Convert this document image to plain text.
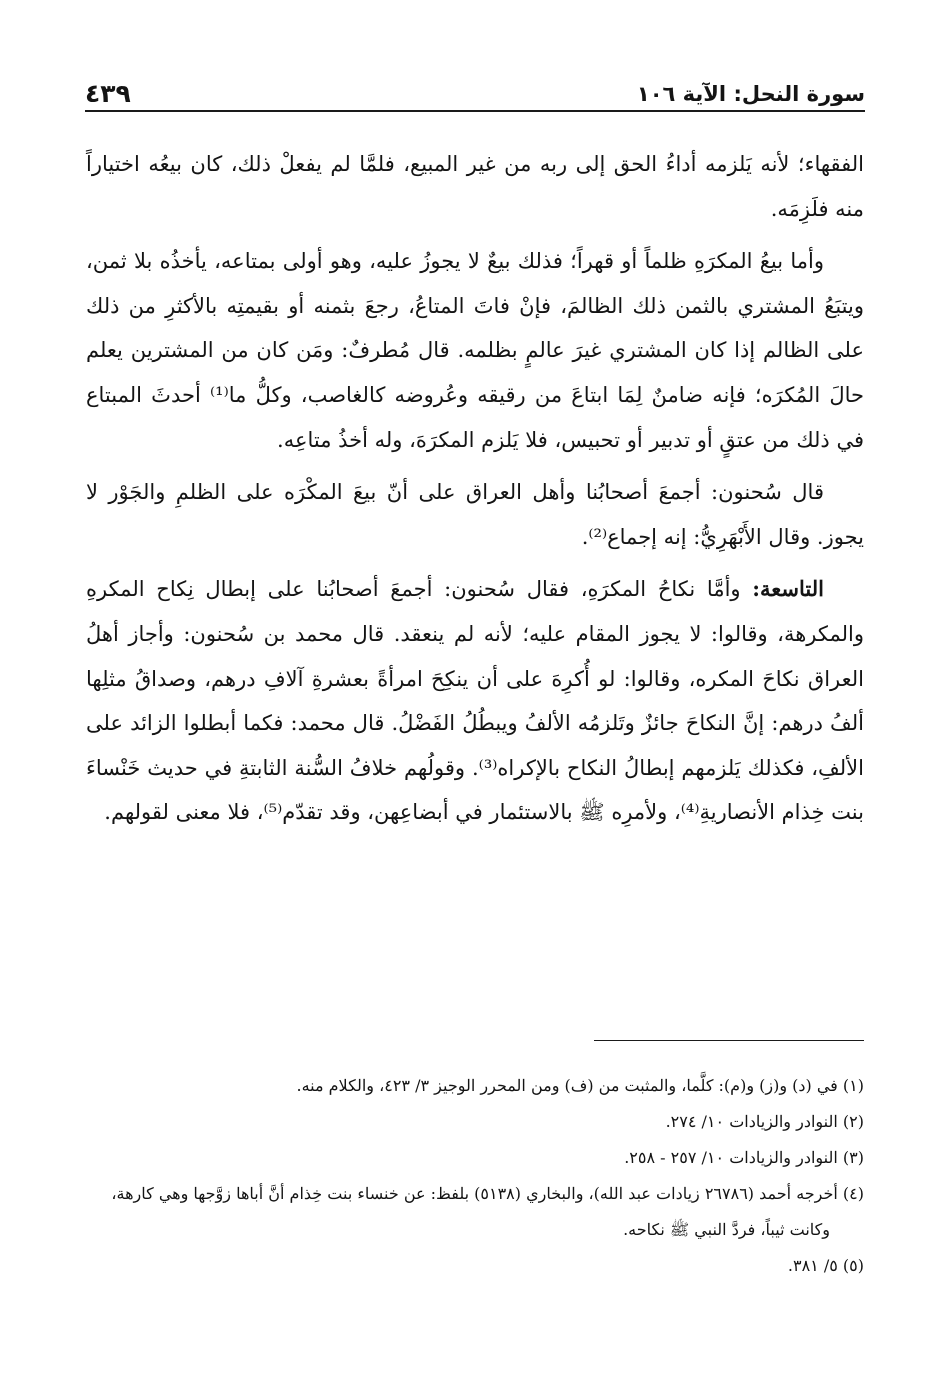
سورة النحل: الآية ١٠٦
٤٣٩

الفقهاء؛ لأنه يَلزمه أداءُ الحق إلى ربه من غير المبيع، فلمَّا لم يفعلْ ذلك، كان بيعُه اختياراً منه فلَزِمَه.

وأما بيعُ المكرَهِ ظلماً أو قهراً؛ فذلك بيعٌ لا يجوزُ عليه، وهو أولى بمتاعه، يأخذُه بلا ثمن، ويتبَعُ المشتري بالثمن ذلك الظالمَ، فإنْ فاتَ المتاعُ، رجعَ بثمنه أو بقيمتِه بالأكثرِ من ذلك على الظالم إذا كان المشتري غيرَ عالمٍ بظلمه. قال مُطرفٌ: ومَن كان من المشترين يعلم حالَ المُكرَه؛ فإنه ضامنٌ لِمَا ابتاعَ من رقيقه وعُروضه كالغاصب، وكلُّ ما⁽¹⁾ أحدثَ المبتاع في ذلك من عتقٍ أو تدبير أو تحبيس، فلا يَلزم المكرَهَ، وله أخذُ متاعِه.

قال سُحنون: أجمعَ أصحابُنا وأهل العراق على أنّ بيعَ المكْرَه على الظلمِ والجَوْر لا يجوز. وقال الأَبْهَرِيُّ: إنه إجماع⁽²⁾.

التاسعة: وأمَّا نكاحُ المكرَهِ، فقال سُحنون: أجمعَ أصحابُنا على إبطال نِكاح المكرهِ والمكرهة، وقالوا: لا يجوز المقام عليه؛ لأنه لم ينعقد. قال محمد بن سُحنون: وأجاز أهلُ العراق نكاحَ المكره، وقالوا: لو أُكرِهَ على أن ينكِحَ امرأةً بعشرةِ آلافِ درهم، وصداقُ مثلِها ألفُ درهم: إنَّ النكاحَ جائزٌ وتَلزمُه الألفُ ويبطُلُ الفَضْلُ. قال محمد: فكما أبطلوا الزائد على الألفِ، فكذلك يَلزمهم إبطالُ النكاح بالإكراه⁽³⁾. وقولُهم خلافُ السُّنة الثابتةِ في حديث خَنْساءَ بنت خِذام الأنصاريةِ⁽⁴⁾، ولأمرِه ﷺ بالاستئمار في أبضاعِهن، وقد تقدّم⁽⁵⁾، فلا معنى لقولهم.

(١) في (د) و(ز) و(م): كلَّما، والمثبت من (ف) ومن المحرر الوجيز ٣/ ٤٢٣، والكلام منه.

(٢) النوادر والزيادات ١٠/ ٢٧٤.

(٣) النوادر والزيادات ١٠/ ٢٥٧ - ٢٥٨.

(٤) أخرجه أحمد (٢٦٧٨٦ زيادات عبد الله)، والبخاري (٥١٣٨) بلفظ: عن خنساء بنت خِذام أنَّ أباها زوَّجها وهي كارهة، وكانت ثيباً، فردَّ النبي ﷺ نكاحه.

(٥) ٥/ ٣٨١.
